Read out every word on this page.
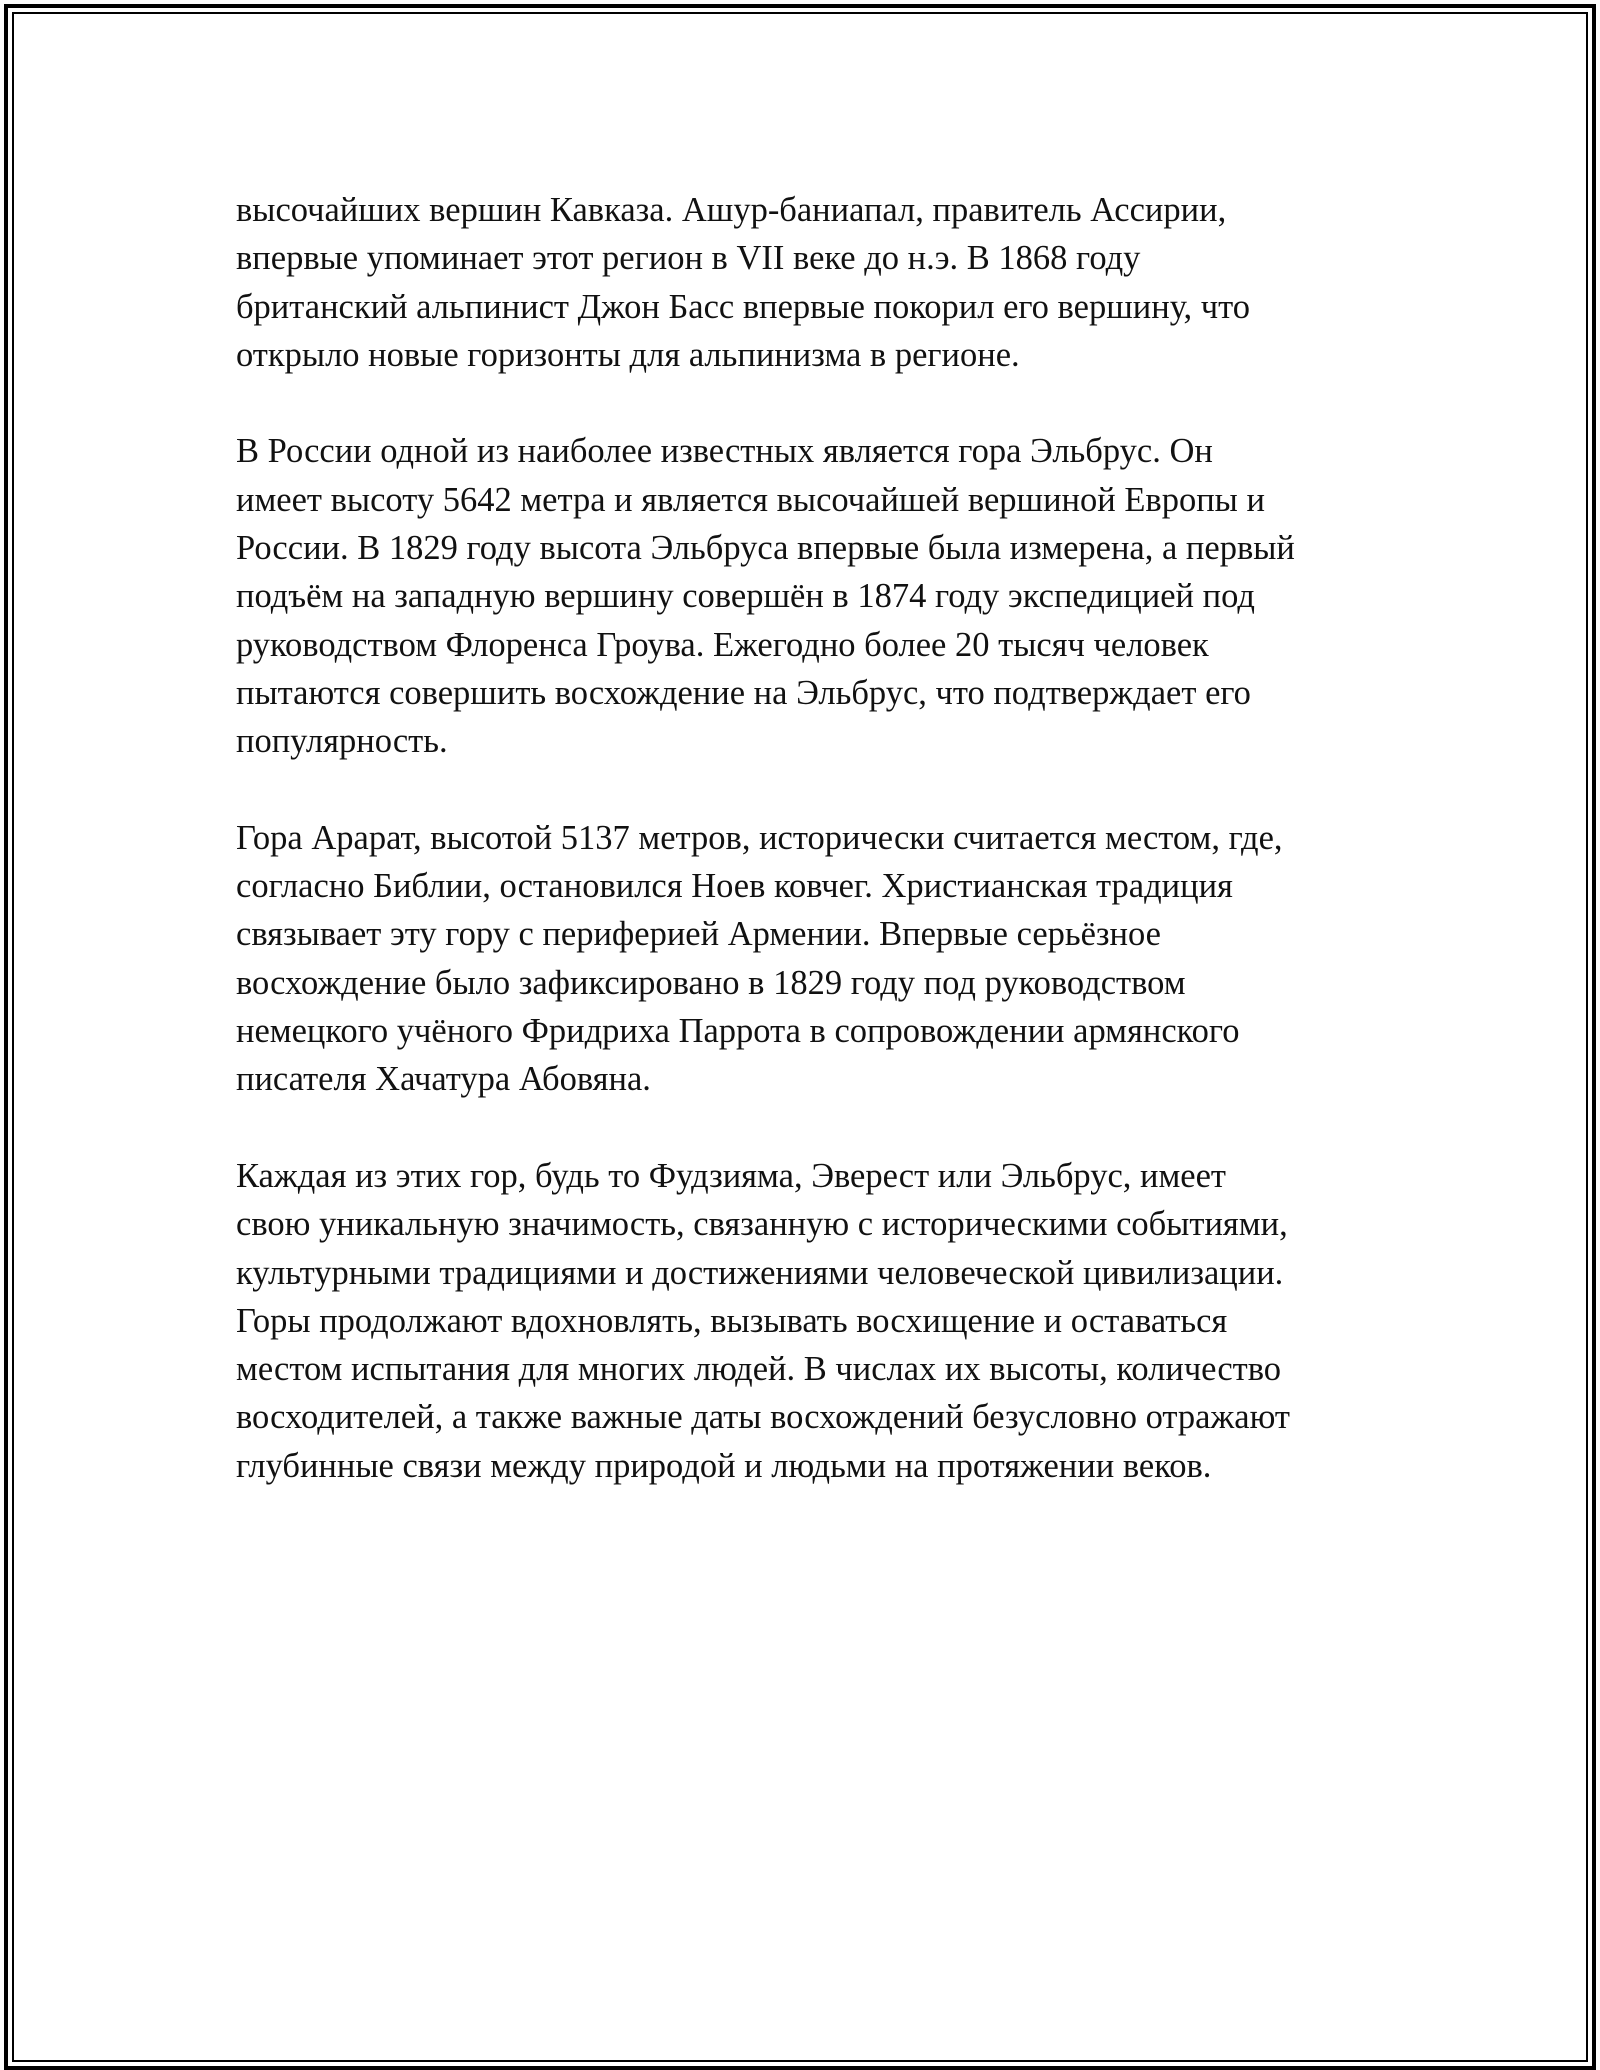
высочайших вершин Кавказа. Ашур-баниапал, правитель Ассирии,
впервые упоминает этот регион в VII веке до н.э. В 1868 году
британский альпинист Джон Басс впервые покорил его вершину, что
открыло новые горизонты для альпинизма в регионе.
В России одной из наиболее известных является гора Эльбрус. Он
имеет высоту 5642 метра и является высочайшей вершиной Европы и
России. В 1829 году высота Эльбруса впервые была измерена, а первый
подъём на западную вершину совершён в 1874 году экспедицией под
руководством Флоренса Гроува. Ежегодно более 20 тысяч человек
пытаются совершить восхождение на Эльбрус, что подтверждает его
популярность.
Гора Арарат, высотой 5137 метров, исторически считается местом, где,
согласно Библии, остановился Ноев ковчег. Христианская традиция
связывает эту гору с периферией Армении. Впервые серьёзное
восхождение было зафиксировано в 1829 году под руководством
немецкого учёного Фридриха Паррота в сопровождении армянского
писателя Хачатура Абовяна.
Каждая из этих гор, будь то Фудзияма, Эверест или Эльбрус, имеет
свою уникальную значимость, связанную с историческими событиями,
культурными традициями и достижениями человеческой цивилизации.
Горы продолжают вдохновлять, вызывать восхищение и оставаться
местом испытания для многих людей. В числах их высоты, количество
восходителей, а также важные даты восхождений безусловно отражают
глубинные связи между природой и людьми на протяжении веков.
